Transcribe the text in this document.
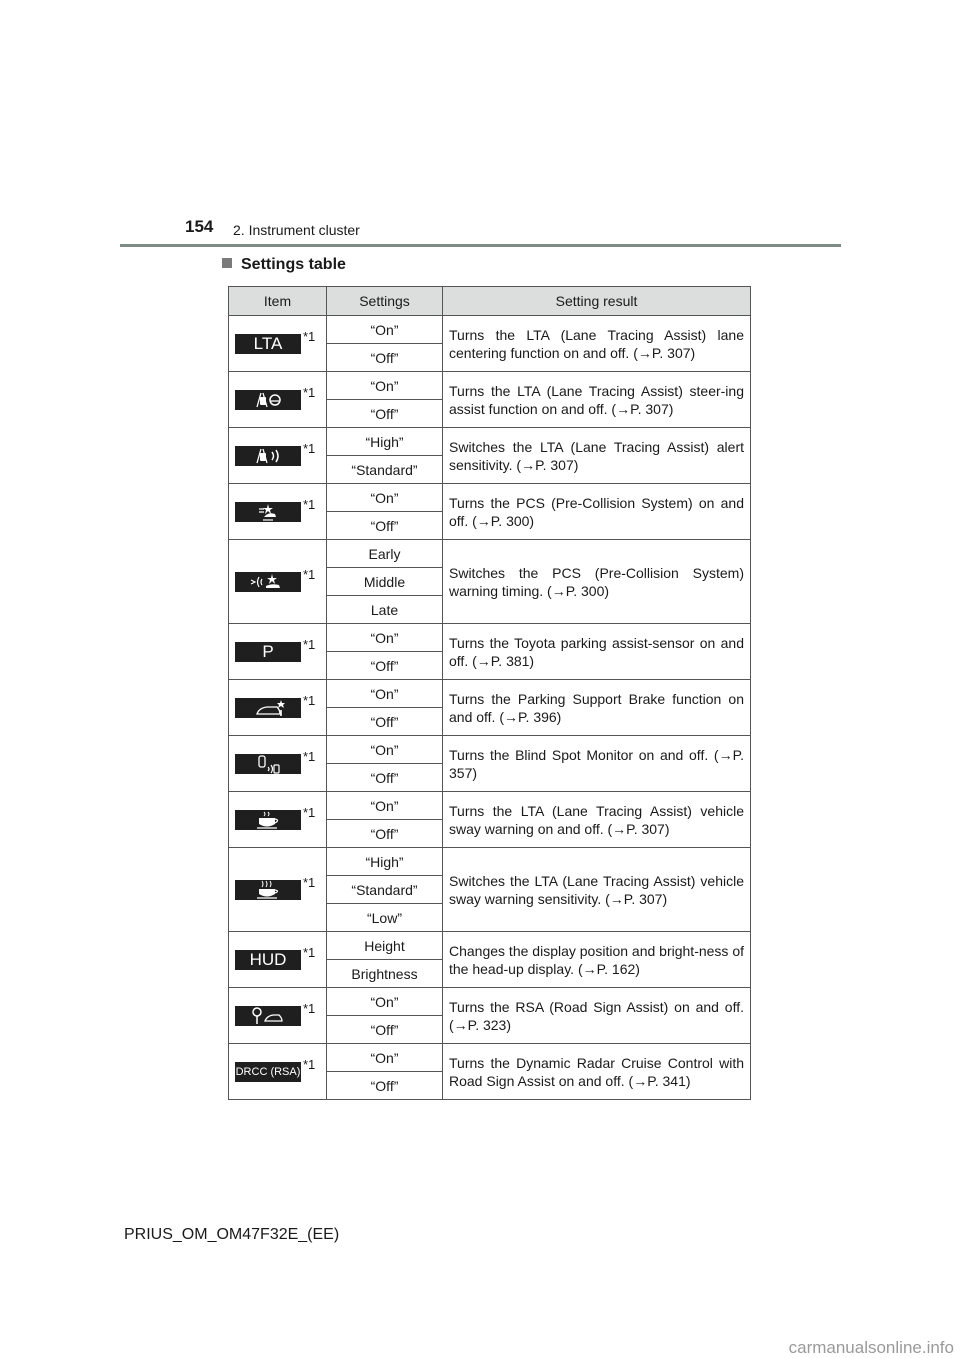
154 2. Instrument cluster
Settings table
Item	Settings	Setting result
LTA *1	“On”	Turns the LTA (Lane Tracing Assist) lane centering function on and off. (→P. 307)
	“Off”	

*1	“On”	Turns the LTA (Lane Tracing Assist) steer-ing assist function on and off. (→P. 307)
	“Off”	

*1	“High”	Switches the LTA (Lane Tracing Assist) alert sensitivity. (→P. 307)
	“Standard”	

*1	“On”	Turns the PCS (Pre-Collision System) on and off. (→P. 300)
	“Off”	

*1	Early	Switches the PCS (Pre-Collision System) warning timing. (→P. 300)
	Middle	
	Late	
P *1	“On”	Turns the Toyota parking assist-sensor on and off. (→P. 381)
	“Off”	

*1	“On”	Turns the Parking Support Brake function on and off. (→P. 396)
	“Off”	

*1	“On”	Turns the Blind Spot Monitor on and off. (→P. 357)
	“Off”	

*1	“On”	Turns the LTA (Lane Tracing Assist) vehicle sway warning on and off. (→P. 307)
	“Off”	

*1	“High”	Switches the LTA (Lane Tracing Assist) vehicle sway warning sensitivity. (→P. 307)
	“Standard”	
	“Low”	
HUD *1	Height	Changes the display position and bright-ness of the head-up display. (→P. 162)
	Brightness	

*1	“On”	Turns the RSA (Road Sign Assist) on and off. (→P. 323)
	“Off”	
DRCC (RSA) *1	“On”	Turns the Dynamic Radar Cruise Control with Road Sign Assist on and off. (→P. 341)
	“Off”	
PRIUS_OM_OM47F32E_(EE)
carmanualsonline.info
